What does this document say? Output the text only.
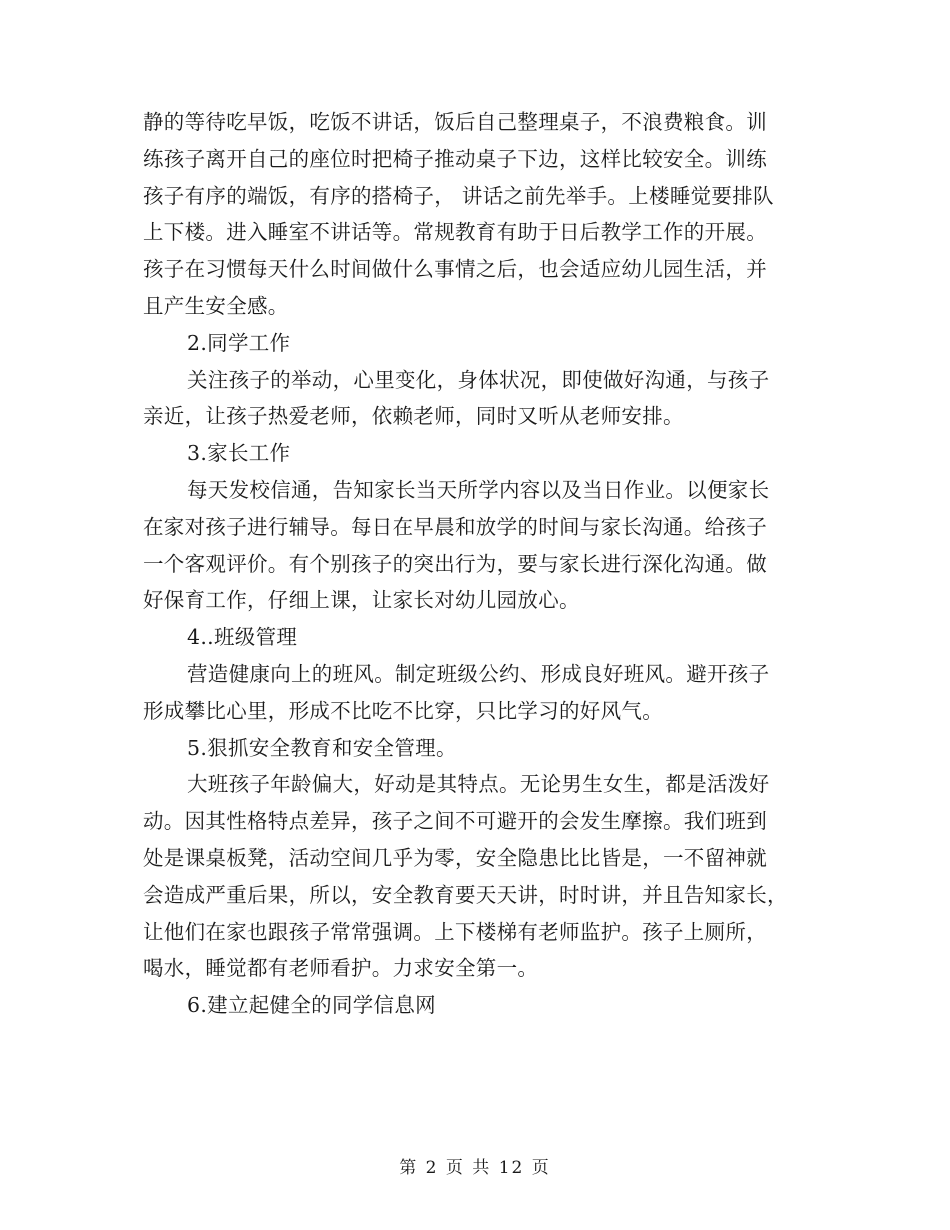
静的等待吃早饭，吃饭不讲话，饭后自己整理桌子，不浪费粮食。训
练孩子离开自己的座位时把椅子推动桌子下边，这样比较安全。训练
孩子有序的端饭，有序的搭椅子， 讲话之前先举手。上楼睡觉要排队
上下楼。进入睡室不讲话等。常规教育有助于日后教学工作的开展。
孩子在习惯每天什么时间做什么事情之后，也会适应幼儿园生活，并
且产生安全感。
2.同学工作
关注孩子的举动，心里变化，身体状况，即使做好沟通，与孩子
亲近，让孩子热爱老师，依赖老师，同时又听从老师安排。
3.家长工作
每天发校信通，告知家长当天所学内容以及当日作业。以便家长
在家对孩子进行辅导。每日在早晨和放学的时间与家长沟通。给孩子
一个客观评价。有个别孩子的突出行为，要与家长进行深化沟通。做
好保育工作，仔细上课，让家长对幼儿园放心。
4..班级管理
营造健康向上的班风。制定班级公约、形成良好班风。避开孩子
形成攀比心里，形成不比吃不比穿，只比学习的好风气。
5.狠抓安全教育和安全管理。
大班孩子年龄偏大，好动是其特点。无论男生女生，都是活泼好
动。因其性格特点差异，孩子之间不可避开的会发生摩擦。我们班到
处是课桌板凳，活动空间几乎为零，安全隐患比比皆是，一不留神就
会造成严重后果，所以，安全教育要天天讲，时时讲，并且告知家长，
让他们在家也跟孩子常常强调。上下楼梯有老师监护。孩子上厕所，
喝水，睡觉都有老师看护。力求安全第一。
6.建立起健全的同学信息网
第 2 页 共 12 页
